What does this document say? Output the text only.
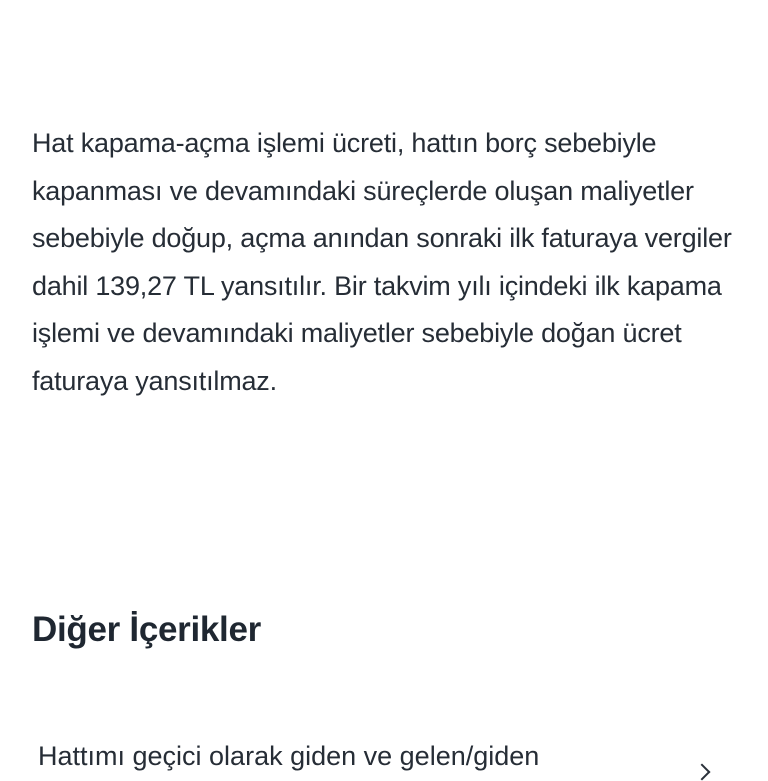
Hat kapama-açma işlemi ücreti, hattın borç sebebiyle kapanması ve devamındaki süreçlerde oluşan maliyetler sebebiyle doğup, açma anından sonraki ilk faturaya vergiler dahil 139,27 TL yansıtılır. Bir takvim yılı içindeki ilk kapama işlemi ve devamındaki maliyetler sebebiyle doğan ücret faturaya yansıtılmaz.

Diğer İçerikler
Hattımı geçici olarak giden ve gelen/giden
